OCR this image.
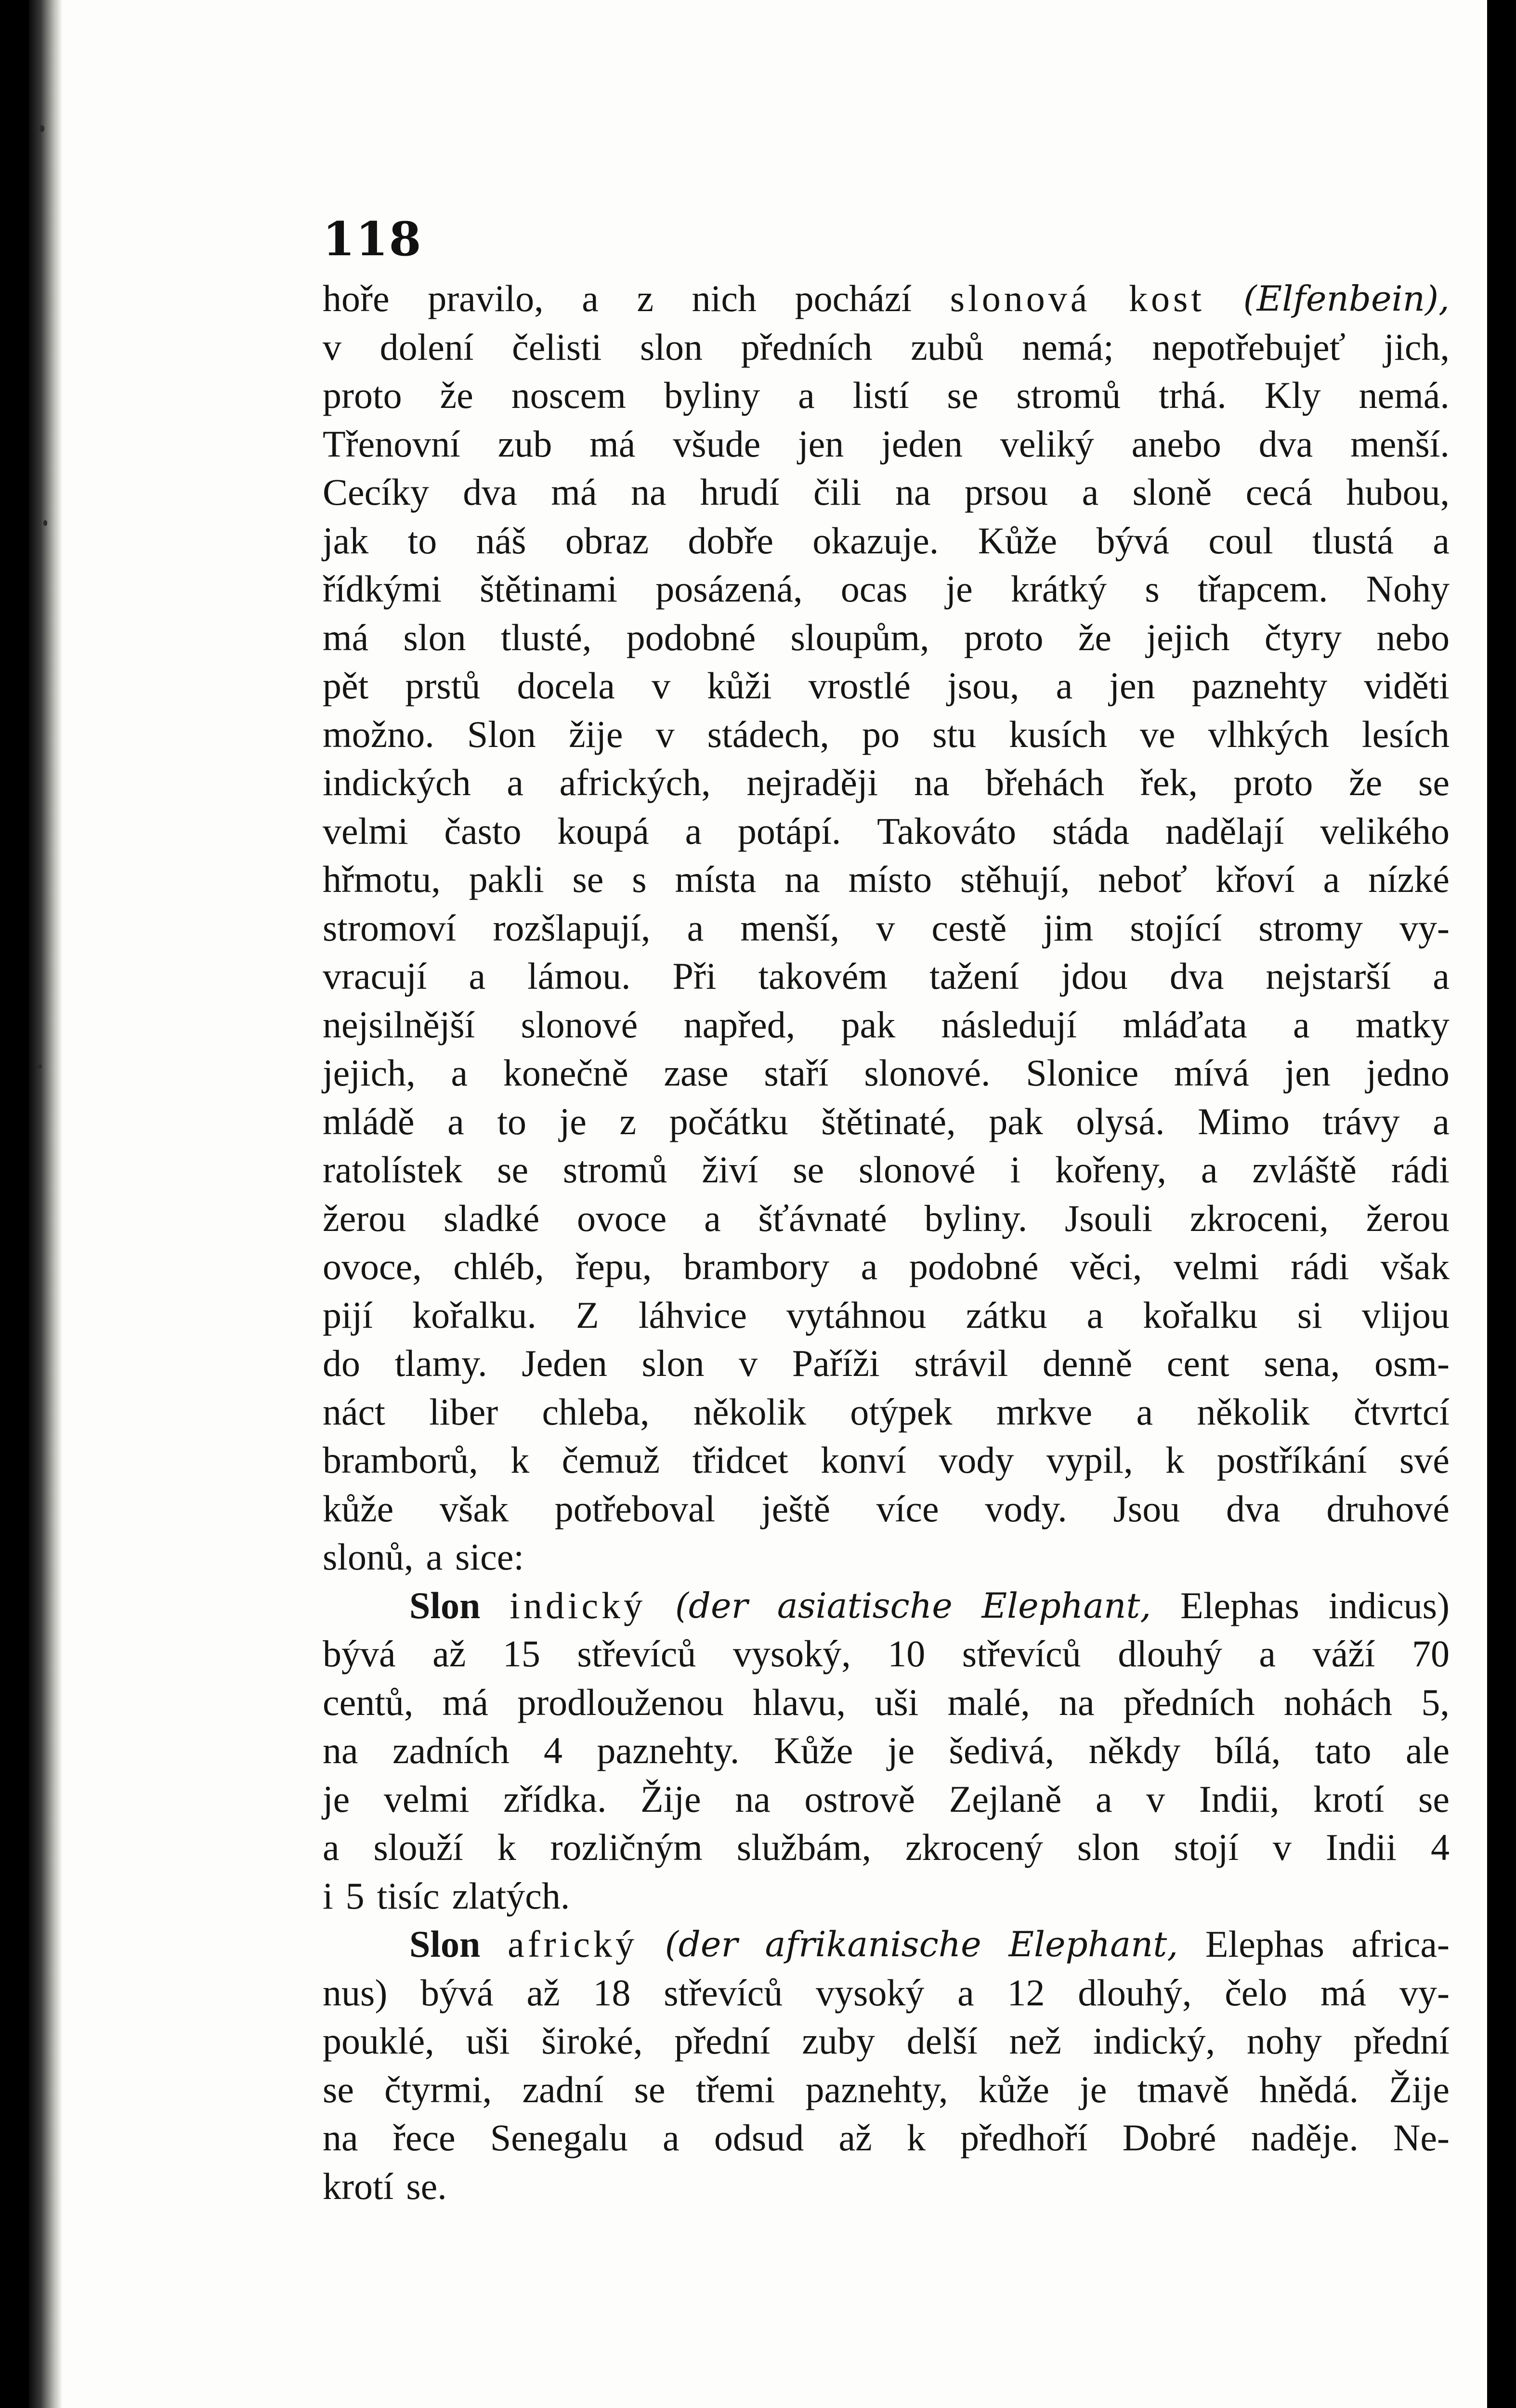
118
hoře pravilo, a z nich pochází slonová kost (Elfenbein),
v dolení čelisti slon předních zubů nemá; nepotřebujeť jich,
proto že noscem byliny a listí se stromů trhá. Kly nemá.
Třenovní zub má všude jen jeden veliký anebo dva menší.
Cecíky dva má na hrudí čili na prsou a sloně cecá hubou,
jak to náš obraz dobře okazuje. Kůže bývá coul tlustá a
řídkými štětinami posázená, ocas je krátký s třapcem. Nohy
má slon tlusté, podobné sloupům, proto že jejich čtyry nebo
pět prstů docela v kůži vrostlé jsou, a jen paznehty viděti
možno. Slon žije v stádech, po stu kusích ve vlhkých lesích
indických a afrických, nejraději na břehách řek, proto že se
velmi často koupá a potápí. Takováto stáda nadělají velikého
hřmotu, pakli se s místa na místo stěhují, neboť křoví a nízké
stromoví rozšlapují, a menší, v cestě jim stojící stromy vy-
vracují a lámou. Při takovém tažení jdou dva nejstarší a
nejsilnější slonové napřed, pak následují mláďata a matky
jejich, a konečně zase staří slonové. Slonice mívá jen jedno
mládě a to je z počátku štětinaté, pak olysá. Mimo trávy a
ratolístek se stromů živí se slonové i kořeny, a zvláště rádi
žerou sladké ovoce a šťávnaté byliny. Jsouli zkroceni, žerou
ovoce, chléb, řepu, brambory a podobné věci, velmi rádi však
pijí kořalku. Z láhvice vytáhnou zátku a kořalku si vlijou
do tlamy. Jeden slon v Paříži strávil denně cent sena, osm-
náct liber chleba, několik otýpek mrkve a několik čtvrtcí
bramborů, k čemuž třidcet konví vody vypil, k postříkání své
kůže však potřeboval ještě více vody. Jsou dva druhové
slonů, a sice:
Slon indický (der asiatische Elephant, Elephas indicus)
bývá až 15 střevíců vysoký, 10 střevíců dlouhý a váží 70
centů, má prodlouženou hlavu, uši malé, na předních nohách 5,
na zadních 4 paznehty. Kůže je šedivá, někdy bílá, tato ale
je velmi zřídka. Žije na ostrově Zejlaně a v Indii, krotí se
a slouží k rozličným službám, zkrocený slon stojí v Indii 4
i 5 tisíc zlatých.
Slon africký (der afrikanische Elephant, Elephas africa-
nus) bývá až 18 střevíců vysoký a 12 dlouhý, čelo má vy-
pouklé, uši široké, přední zuby delší než indický, nohy přední
se čtyrmi, zadní se třemi paznehty, kůže je tmavě hnědá. Žije
na řece Senegalu a odsud až k předhoří Dobré naděje. Ne-
krotí se.
